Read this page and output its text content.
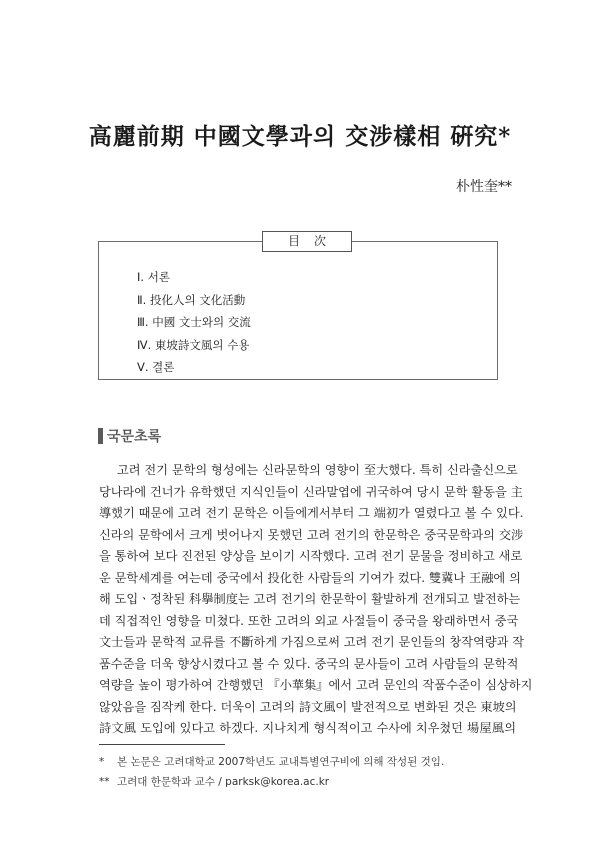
高麗前期 中國文學과의 交涉樣相 硏究*
朴性奎**
目次
Ⅰ. 서론
Ⅱ. 投化人의 文化活動
Ⅲ. 中國 文士와의 交流
Ⅳ. 東坡詩文風의 수용
Ⅴ. 결론
국문초록
고려 전기 문학의 형성에는 신라문학의 영향이 至大했다. 특히 신라출신으로
당나라에 건너가 유학했던 지식인들이 신라말엽에 귀국하여 당시 문학 활동을 主
導했기 때문에 고려 전기 문학은 이들에게서부터 그 端初가 열렸다고 볼 수 있다.
신라의 문학에서 크게 벗어나지 못했던 고려 전기의 한문학은 중국문학과의 交涉
을 통하여 보다 진전된 양상을 보이기 시작했다. 고려 전기 문물을 정비하고 새로
운 문학세계를 여는데 중국에서 投化한 사람들의 기여가 컸다. 雙冀나 王融에 의
해 도입ㆍ정착된 科擧制度는 고려 전기의 한문학이 활발하게 전개되고 발전하는
데 직접적인 영향을 미쳤다. 또한 고려의 외교 사절들이 중국을 왕래하면서 중국
文士들과 문학적 교류를 不斷하게 가짐으로써 고려 전기 문인들의 창작역량과 작
품수준을 더욱 향상시켰다고 볼 수 있다. 중국의 문사들이 고려 사람들의 문학적
역량을 높이 평가하여 간행했던 『小華集』에서 고려 문인의 작품수준이 심상하지
않았음을 짐작케 한다. 더욱이 고려의 詩文風이 발전적으로 변화된 것은 東坡의
詩文風 도입에 있다고 하겠다. 지나치게 형식적이고 수사에 치우쳤던 場屋風의
* 본 논문은 고려대학교 2007학년도 교내특별연구비에 의해 작성된 것임.
** 고려대 한문학과 교수 / parksk@korea.ac.kr
